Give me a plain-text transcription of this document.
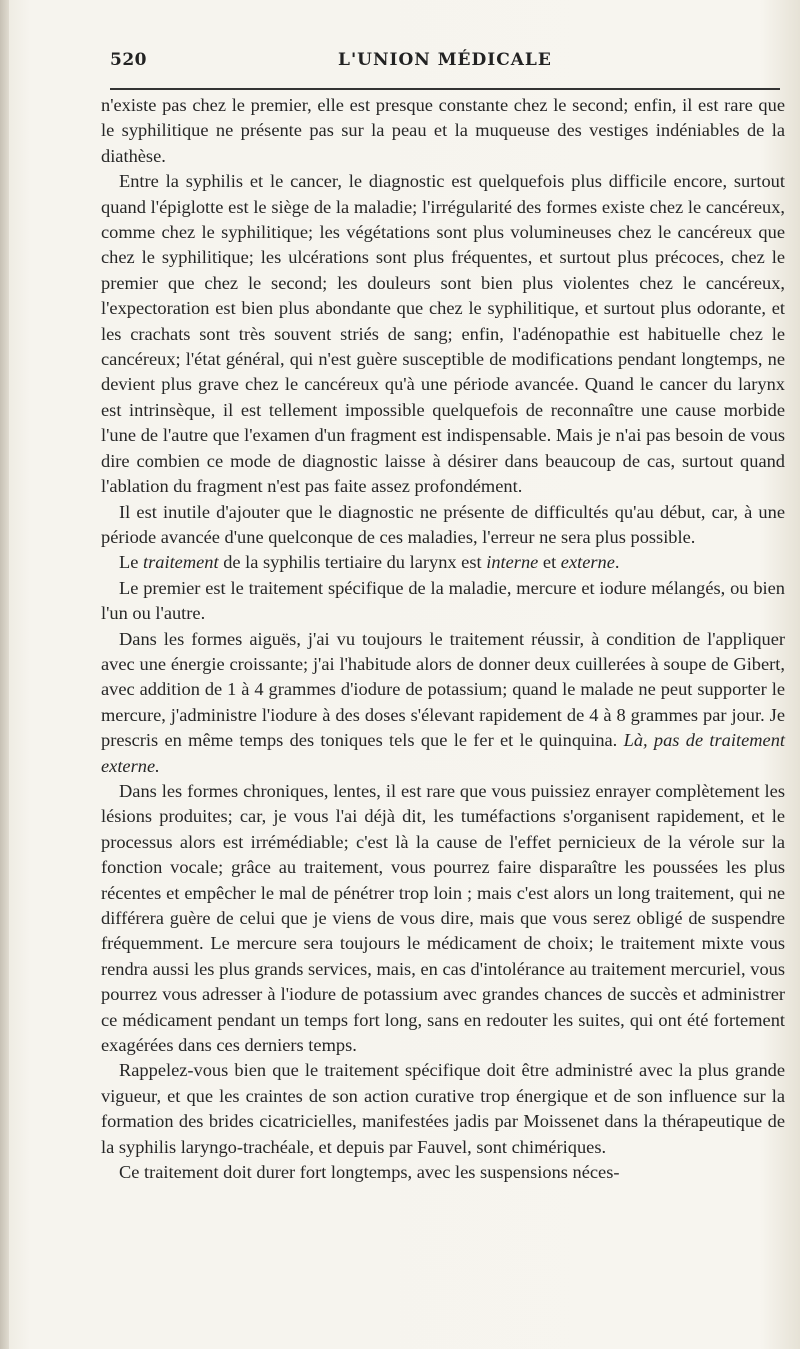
520	L'UNION MÉDICALE

n'existe pas chez le premier, elle est presque constante chez le second; enfin, il est rare que le syphilitique ne présente pas sur la peau et la muqueuse des vestiges indéniables de la diathèse.

Entre la syphilis et le cancer, le diagnostic est quelquefois plus difficile encore, surtout quand l'épiglotte est le siège de la maladie; l'irrégularité des formes existe chez le cancéreux, comme chez le syphilitique; les végétations sont plus volumineuses chez le cancéreux que chez le syphilitique; les ulcérations sont plus fréquentes, et surtout plus précoces, chez le premier que chez le second; les douleurs sont bien plus violentes chez le cancéreux, l'expectoration est bien plus abondante que chez le syphilitique, et surtout plus odorante, et les crachats sont très souvent striés de sang; enfin, l'adénopathie est habituelle chez le cancéreux; l'état général, qui n'est guère susceptible de modifications pendant longtemps, ne devient plus grave chez le cancéreux qu'à une période avancée. Quand le cancer du larynx est intrinsèque, il est tellement impossible quelquefois de reconnaître une cause morbide l'une de l'autre que l'examen d'un fragment est indispensable. Mais je n'ai pas besoin de vous dire combien ce mode de diagnostic laisse à désirer dans beaucoup de cas, surtout quand l'ablation du fragment n'est pas faite assez profondément.

Il est inutile d'ajouter que le diagnostic ne présente de difficultés qu'au début, car, à une période avancée d'une quelconque de ces maladies, l'erreur ne sera plus possible.

Le traitement de la syphilis tertiaire du larynx est interne et externe.

Le premier est le traitement spécifique de la maladie, mercure et iodure mélangés, ou bien l'un ou l'autre.

Dans les formes aiguës, j'ai vu toujours le traitement réussir, à condition de l'appliquer avec une énergie croissante; j'ai l'habitude alors de donner deux cuillerées à soupe de Gibert, avec addition de 1 à 4 grammes d'iodure de potassium; quand le malade ne peut supporter le mercure, j'administre l'iodure à des doses s'élevant rapidement de 4 à 8 grammes par jour. Je prescris en même temps des toniques tels que le fer et le quinquina. Là, pas de traitement externe.

Dans les formes chroniques, lentes, il est rare que vous puissiez enrayer complètement les lésions produites; car, je vous l'ai déjà dit, les tuméfactions s'organisent rapidement, et le processus alors est irrémédiable; c'est là la cause de l'effet pernicieux de la vérole sur la fonction vocale; grâce au traitement, vous pourrez faire disparaître les poussées les plus récentes et empêcher le mal de pénétrer trop loin ; mais c'est alors un long traitement, qui ne différera guère de celui que je viens de vous dire, mais que vous serez obligé de suspendre fréquemment. Le mercure sera toujours le médicament de choix; le traitement mixte vous rendra aussi les plus grands services, mais, en cas d'intolérance au traitement mercuriel, vous pourrez vous adresser à l'iodure de potassium avec grandes chances de succès et administrer ce médicament pendant un temps fort long, sans en redouter les suites, qui ont été fortement exagérées dans ces derniers temps.

Rappelez-vous bien que le traitement spécifique doit être administré avec la plus grande vigueur, et que les craintes de son action curative trop énergique et de son influence sur la formation des brides cicatricielles, manifestées jadis par Moissenet dans la thérapeutique de la syphilis laryngo-trachéale, et depuis par Fauvel, sont chimériques.

Ce traitement doit durer fort longtemps, avec les suspensions néces-
